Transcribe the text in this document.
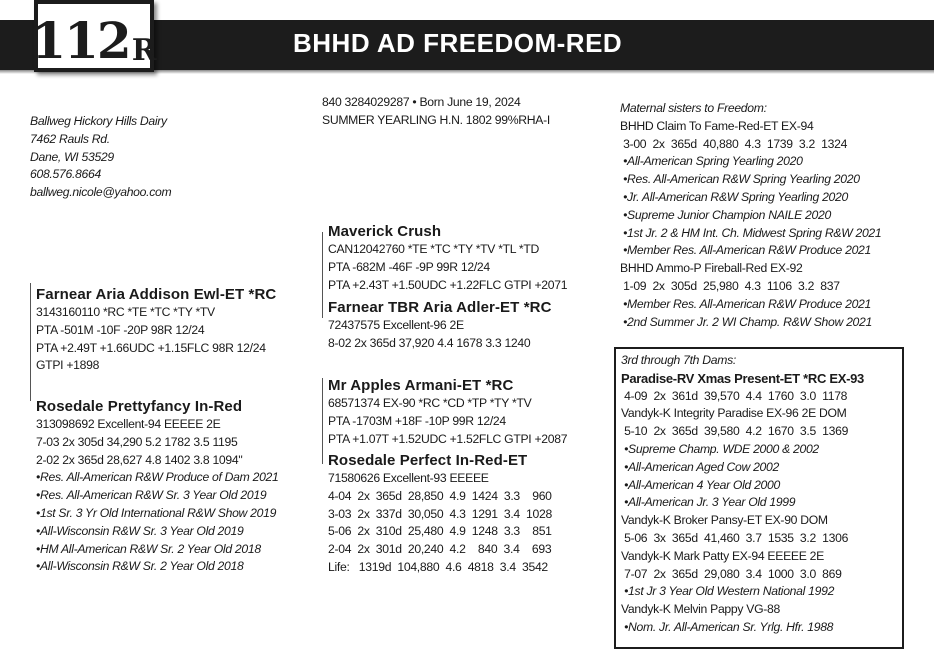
112 R	BHHD AD FREEDOM-RED
Ballweg Hickory Hills Dairy
7462 Rauls Rd.
Dane, WI 53529
608.576.8664
ballweg.nicole@yahoo.com
840 3284029287 • Born June 19, 2024
SUMMER YEARLING H.N. 1802 99%RHA-I
Maverick Crush
CAN12042760 *TE *TC *TY *TV *TL *TD
PTA -682M -46F -9P 99R 12/24
PTA +2.43T +1.50UDC +1.22FLC GTPI +2071
Farnear TBR Aria Adler-ET *RC
72437575 Excellent-96 2E
8-02 2x 365d 37,920 4.4 1678 3.3 1240
Farnear Aria Addison Ewl-ET *RC
3143160110 *RC *TE *TC *TY *TV
PTA -501M -10F -20P 98R 12/24
PTA +2.49T +1.66UDC +1.15FLC 98R 12/24
GTPI +1898
Mr Apples Armani-ET *RC
68571374 EX-90 *RC *CD *TP *TY *TV
PTA -1703M +18F -10P 99R 12/24
PTA +1.07T +1.52UDC +1.52FLC GTPI +2087
Rosedale Prettyfancy In-Red
313098692 Excellent-94 EEEEE 2E
7-03 2x 305d 34,290 5.2 1782 3.5 1195
2-02 2x 365d 28,627 4.8 1402 3.8 1094"
•Res. All-American R&W Produce of Dam 2021
•Res. All-American R&W Sr. 3 Year Old 2019
•1st Sr. 3 Yr Old International R&W Show 2019
•All-Wisconsin R&W Sr. 3 Year Old 2019
•HM All-American R&W Sr. 2 Year Old 2018
•All-Wisconsin R&W Sr. 2 Year Old 2018
Rosedale Perfect In-Red-ET
71580626 Excellent-93 EEEEE
4-04  2x  365d  28,850  4.9  1424  3.3    960
3-03  2x  337d  30,050  4.3  1291  3.4  1028
5-06  2x  310d  25,480  4.9  1248  3.3    851
2-04  2x  301d  20,240  4.2    840  3.4    693
Life:   1319d  104,880  4.6  4818  3.4  3542
Maternal sisters to Freedom:
BHHD Claim To Fame-Red-ET EX-94
3-00  2x  365d  40,880  4.3  1739  3.2  1324
•All-American Spring Yearling 2020
•Res. All-American R&W Spring Yearling 2020
•Jr. All-American R&W Spring Yearling 2020
•Supreme Junior Champion NAILE 2020
•1st Jr. 2 & HM Int. Ch. Midwest Spring R&W 2021
•Member Res. All-American R&W Produce 2021
BHHD Ammo-P Fireball-Red EX-92
1-09  2x  305d  25,980  4.3  1106  3.2  837
•Member Res. All-American R&W Produce 2021
•2nd Summer Jr. 2 WI Champ. R&W Show 2021
3rd through 7th Dams:
Paradise-RV Xmas Present-ET *RC EX-93
4-09  2x  361d  39,570  4.4  1760  3.0  1178
Vandyk-K Integrity Paradise EX-96 2E DOM
5-10  2x  365d  39,580  4.2  1670  3.5  1369
•Supreme Champ. WDE 2000 & 2002
•All-American Aged Cow 2002
•All-American 4 Year Old 2000
•All-American Jr. 3 Year Old 1999
Vandyk-K Broker Pansy-ET EX-90 DOM
5-06  3x  365d  41,460  3.7  1535  3.2  1306
Vandyk-K Mark Patty EX-94 EEEEE 2E
7-07  2x  365d  29,080  3.4  1000  3.0  869
•1st Jr 3 Year Old Western National 1992
Vandyk-K Melvin Pappy VG-88
•Nom. Jr. All-American Sr. Yrlg. Hfr. 1988
